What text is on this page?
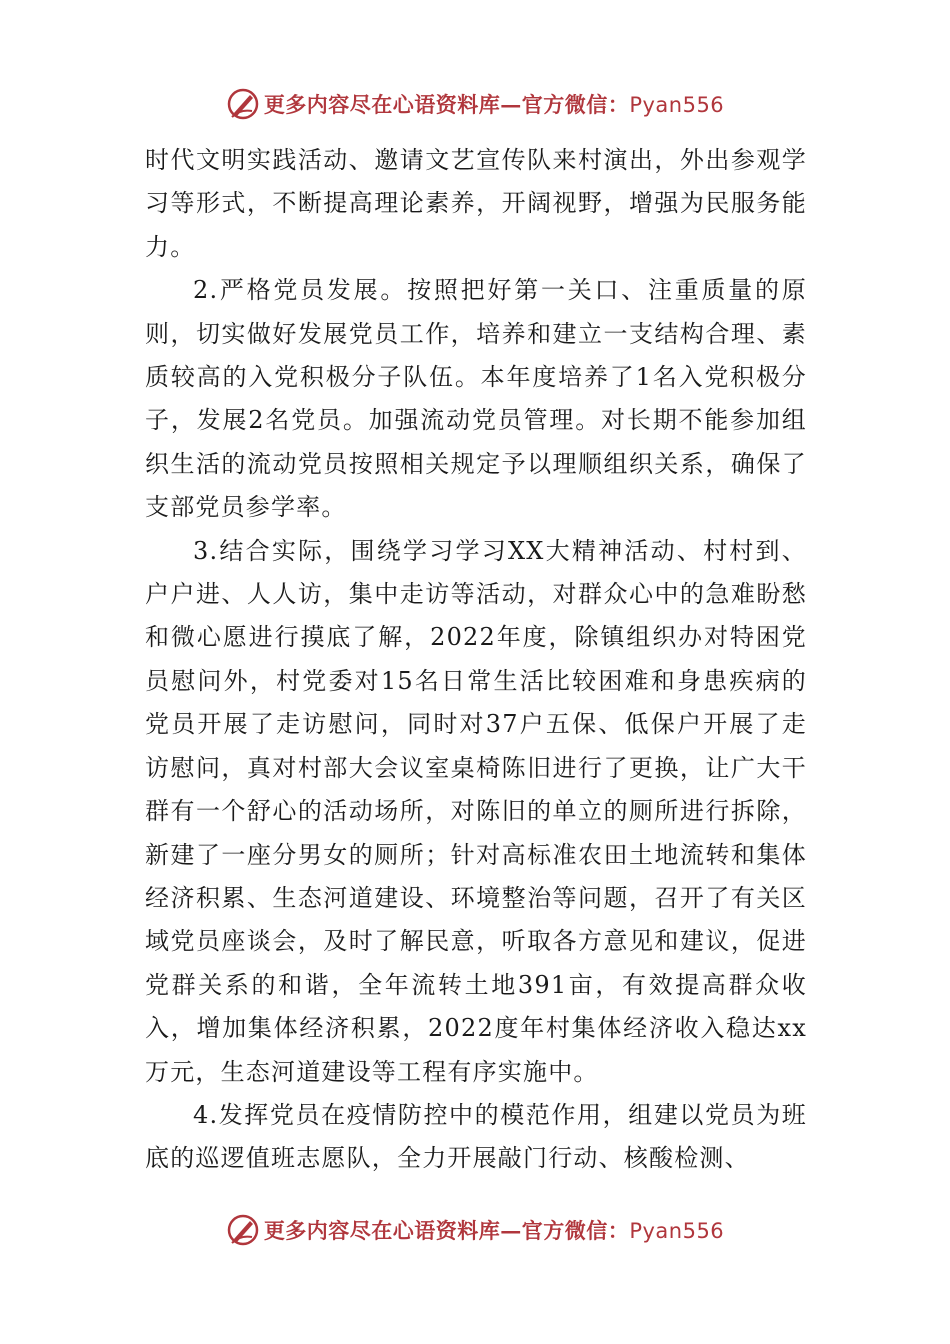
更多内容尽在心语资料库—官方微信：Pyan556

时代文明实践活动、邀请文艺宣传队来村演出，外出参观学习等形式，不断提高理论素养，开阔视野，增强为民服务能力。

2.严格党员发展。按照把好第一关口、注重质量的原则，切实做好发展党员工作，培养和建立一支结构合理、素质较高的入党积极分子队伍。本年度培养了1名入党积极分子，发展2名党员。加强流动党员管理。对长期不能参加组织生活的流动党员按照相关规定予以理顺组织关系，确保了支部党员参学率。

3.结合实际，围绕学习学习XX大精神活动、村村到、户户进、人人访，集中走访等活动，对群众心中的急难盼愁和微心愿进行摸底了解，2022年度，除镇组织办对特困党员慰问外，村党委对15名日常生活比较困难和身患疾病的党员开展了走访慰问，同时对37户五保、低保户开展了走访慰问，真对村部大会议室桌椅陈旧进行了更换，让广大干群有一个舒心的活动场所，对陈旧的单立的厕所进行拆除，新建了一座分男女的厕所；针对高标准农田土地流转和集体经济积累、生态河道建设、环境整治等问题，召开了有关区域党员座谈会，及时了解民意，听取各方意见和建议，促进党群关系的和谐，全年流转土地391亩，有效提高群众收入，增加集体经济积累，2022度年村集体经济收入稳达xx万元，生态河道建设等工程有序实施中。

4.发挥党员在疫情防控中的模范作用，组建以党员为班底的巡逻值班志愿队，全力开展敲门行动、核酸检测、

更多内容尽在心语资料库—官方微信：Pyan556
